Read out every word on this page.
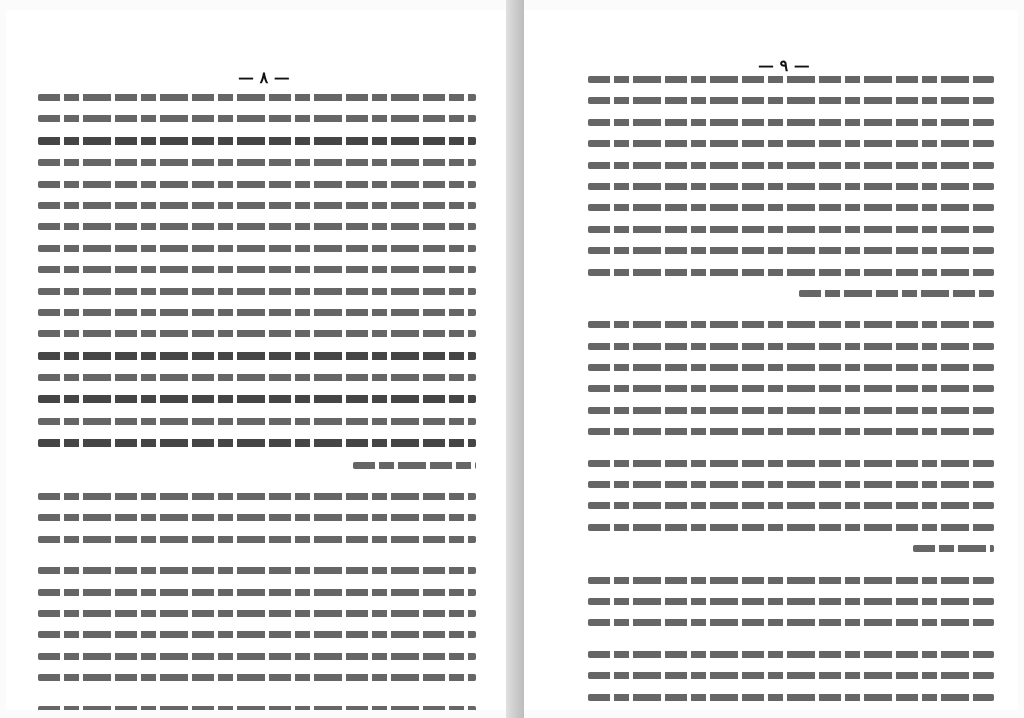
— ٨ —
— ٩ —
